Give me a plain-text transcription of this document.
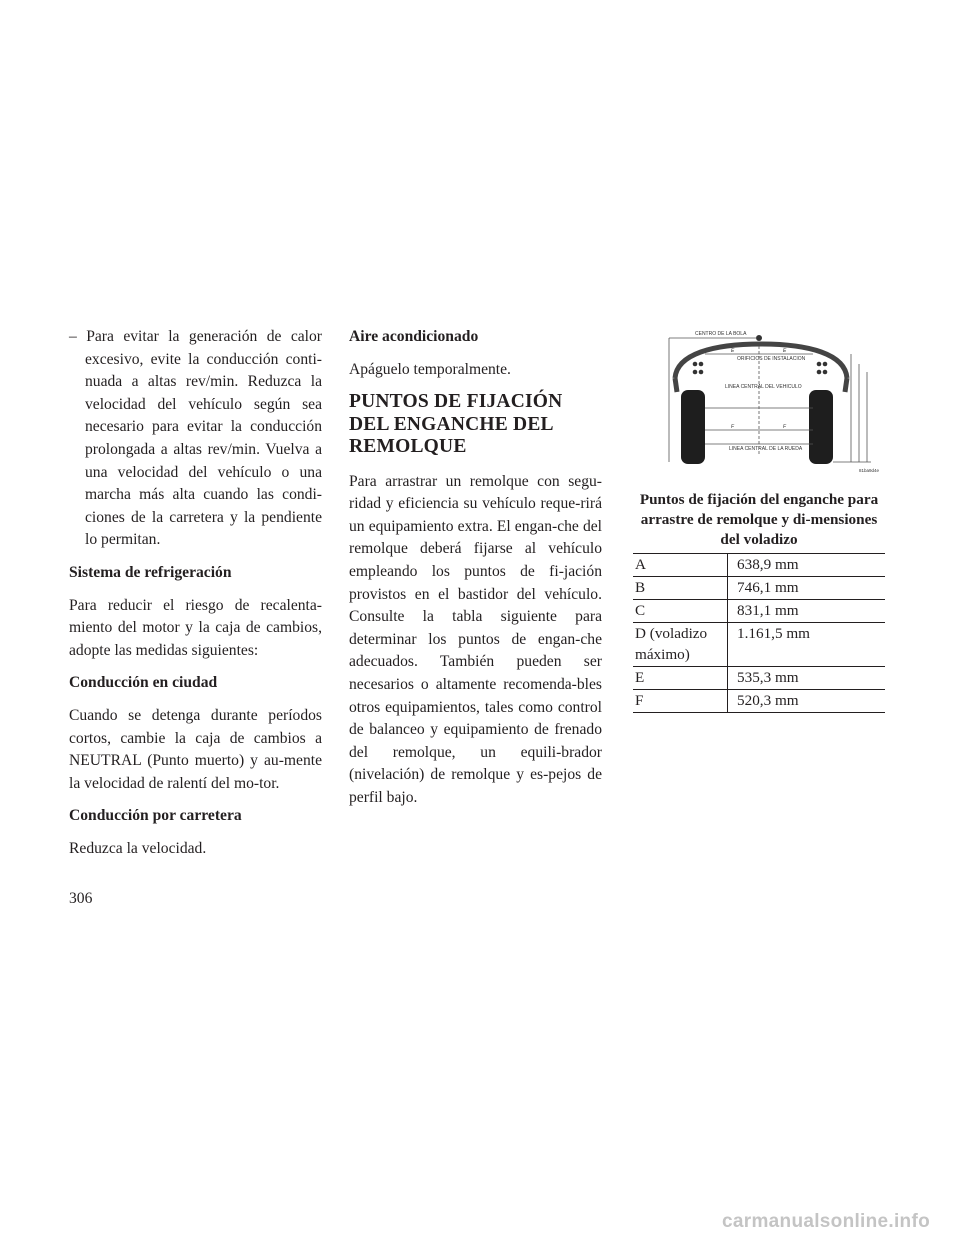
– Para evitar la generación de calor excesivo, evite la conducción conti-nuada a altas rev/min. Reduzca la velocidad del vehículo según sea necesario para evitar la conducción prolongada a altas rev/min. Vuelva a una velocidad del vehículo o una marcha más alta cuando las condi-ciones de la carretera y la pendiente lo permitan.

Sistema de refrigeración

Para reducir el riesgo de recalenta-miento del motor y la caja de cambios, adopte las medidas siguientes:

Conducción en ciudad

Cuando se detenga durante períodos cortos, cambie la caja de cambios a NEUTRAL (Punto muerto) y au-mente la velocidad de ralentí del mo-tor.

Conducción por carretera

Reduzca la velocidad.

Aire acondicionado

Apáguelo temporalmente.

PUNTOS DE FIJACIÓN DEL ENGANCHE DEL REMOLQUE

Para arrastrar un remolque con segu-ridad y eficiencia su vehículo reque-rirá un equipamiento extra. El engan-che del remolque deberá fijarse al vehículo empleando los puntos de fi-jación provistos en el bastidor del vehículo. Consulte la tabla siguiente para determinar los puntos de engan-che adecuados. También pueden ser necesarios o altamente recomenda-bles otros equipamientos, tales como control de balanceo y equipamiento de frenado del remolque, un equili-brador (nivelación) de remolque y es-pejos de perfil bajo.

CENTRO DE LA BOLA
ORIFICIOS DE INSTALACION
LINEA CENTRAL DEL VEHICULO
LINEA CENTRAL DE LA RUEDA
E	E
F	F
81ba9d4e
Puntos de fijación del enganche para arrastre de remolque y di-mensiones del voladizo	
A	638,9 mm
B	746,1 mm
C	831,1 mm
D (voladizo máximo)	1.161,5 mm
E	535,3 mm
F	520,3 mm
306
carmanualsonline.info
